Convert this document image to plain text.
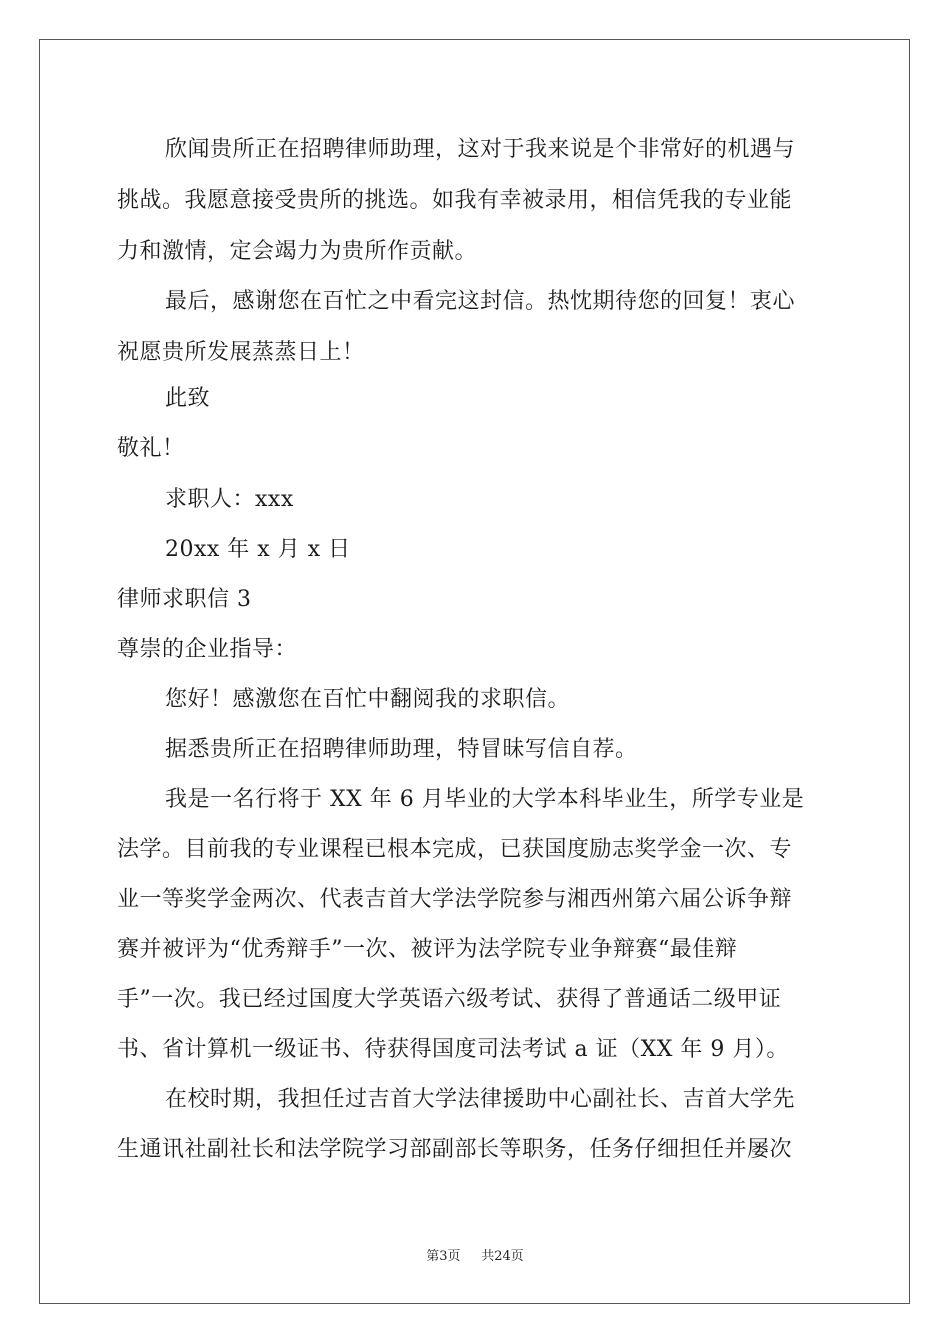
欣闻贵所正在招聘律师助理，这对于我来说是个非常好的机遇与
挑战。我愿意接受贵所的挑选。如我有幸被录用，相信凭我的专业能
力和激情，定会竭力为贵所作贡献。
最后，感谢您在百忙之中看完这封信。热忱期待您的回复！衷心
祝愿贵所发展蒸蒸日上！
此致
敬礼！
求职人：xxx
20xx 年 x 月 x 日
律师求职信 3
尊崇的企业指导：
您好！感激您在百忙中翻阅我的求职信。
据悉贵所正在招聘律师助理，特冒昧写信自荐。
我是一名行将于 XX 年 6 月毕业的大学本科毕业生，所学专业是
法学。目前我的专业课程已根本完成，已获国度励志奖学金一次、专
业一等奖学金两次、代表吉首大学法学院参与湘西州第六届公诉争辩
赛并被评为“优秀辩手”一次、被评为法学院专业争辩赛“最佳辩
手”一次。我已经过国度大学英语六级考试、获得了普通话二级甲证
书、省计算机一级证书、待获得国度司法考试 a 证（XX 年 9 月）。
在校时期，我担任过吉首大学法律援助中心副社长、吉首大学先
生通讯社副社长和法学院学习部副部长等职务，任务仔细担任并屡次
第3页 共24页
